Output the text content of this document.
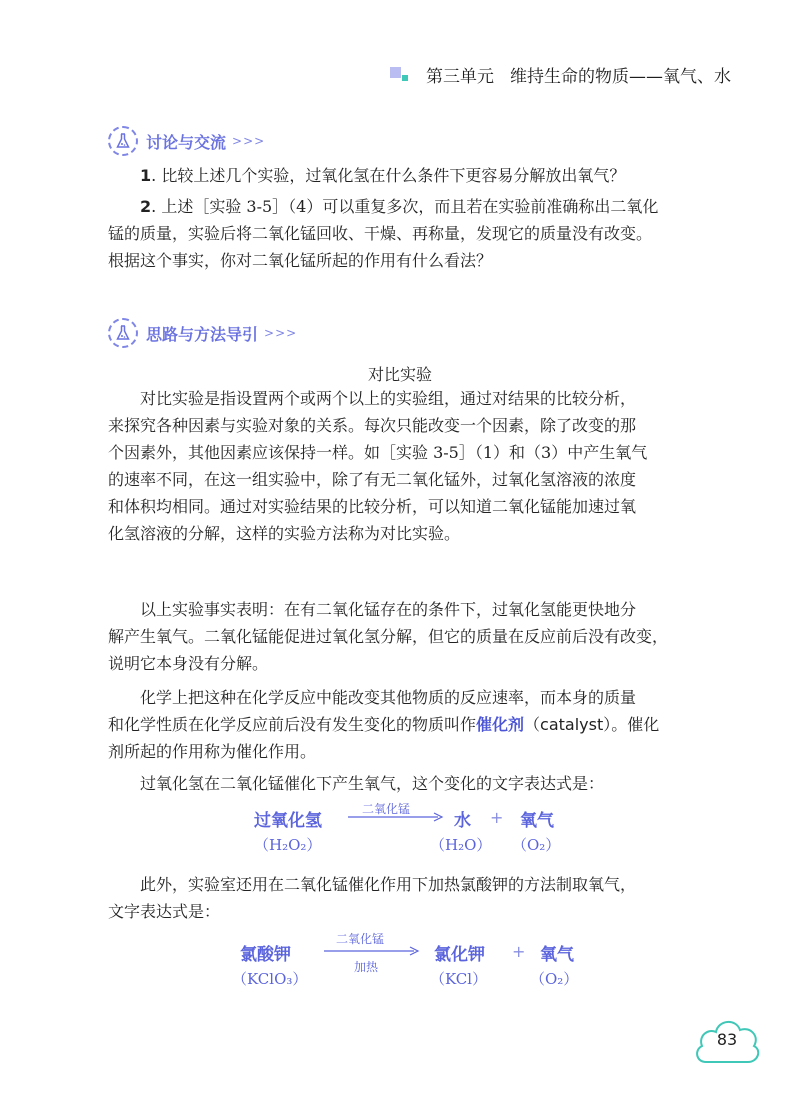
第三单元 维持生命的物质——氧气、水
讨论与交流 >>>

1. 比较上述几个实验，过氧化氢在什么条件下更容易分解放出氧气？

2. 上述［实验 3-5］（4）可以重复多次，而且若在实验前准确称出二氧化
锰的质量，实验后将二氧化锰回收、干燥、再称量，发现它的质量没有改变。
根据这个事实，你对二氧化锰所起的作用有什么看法？
思路与方法导引 >>>
对比实验
对比实验是指设置两个或两个以上的实验组，通过对结果的比较分析，
来探究各种因素与实验对象的关系。每次只能改变一个因素，除了改变的那
个因素外，其他因素应该保持一样。如［实验 3-5］（1）和（3）中产生氧气
的速率不同，在这一组实验中，除了有无二氧化锰外，过氧化氢溶液的浓度
和体积均相同。通过对实验结果的比较分析，可以知道二氧化锰能加速过氧
化氢溶液的分解，这样的实验方法称为对比实验。
以上实验事实表明：在有二氧化锰存在的条件下，过氧化氢能更快地分
解产生氧气。二氧化锰能促进过氧化氢分解，但它的质量在反应前后没有改变，
说明它本身没有分解。
化学上把这种在化学反应中能改变其他物质的反应速率，而本身的质量
和化学性质在化学反应前后没有发生变化的物质叫作催化剂（catalyst）。催化
剂所起的作用称为催化作用。
过氧化氢在二氧化锰催化下产生氧气，这个变化的文字表达式是：
过氧化氢
二氧化锰
水 + 氧气
（H₂O₂）	（H₂O） （O₂）
此外，实验室还用在二氧化锰催化作用下加热氯酸钾的方法制取氧气，
文字表达式是：
氯酸钾
二氧化锰
加热
氯化钾 + 氧气
（KClO₃）	（KCl）	（O₂）
83
